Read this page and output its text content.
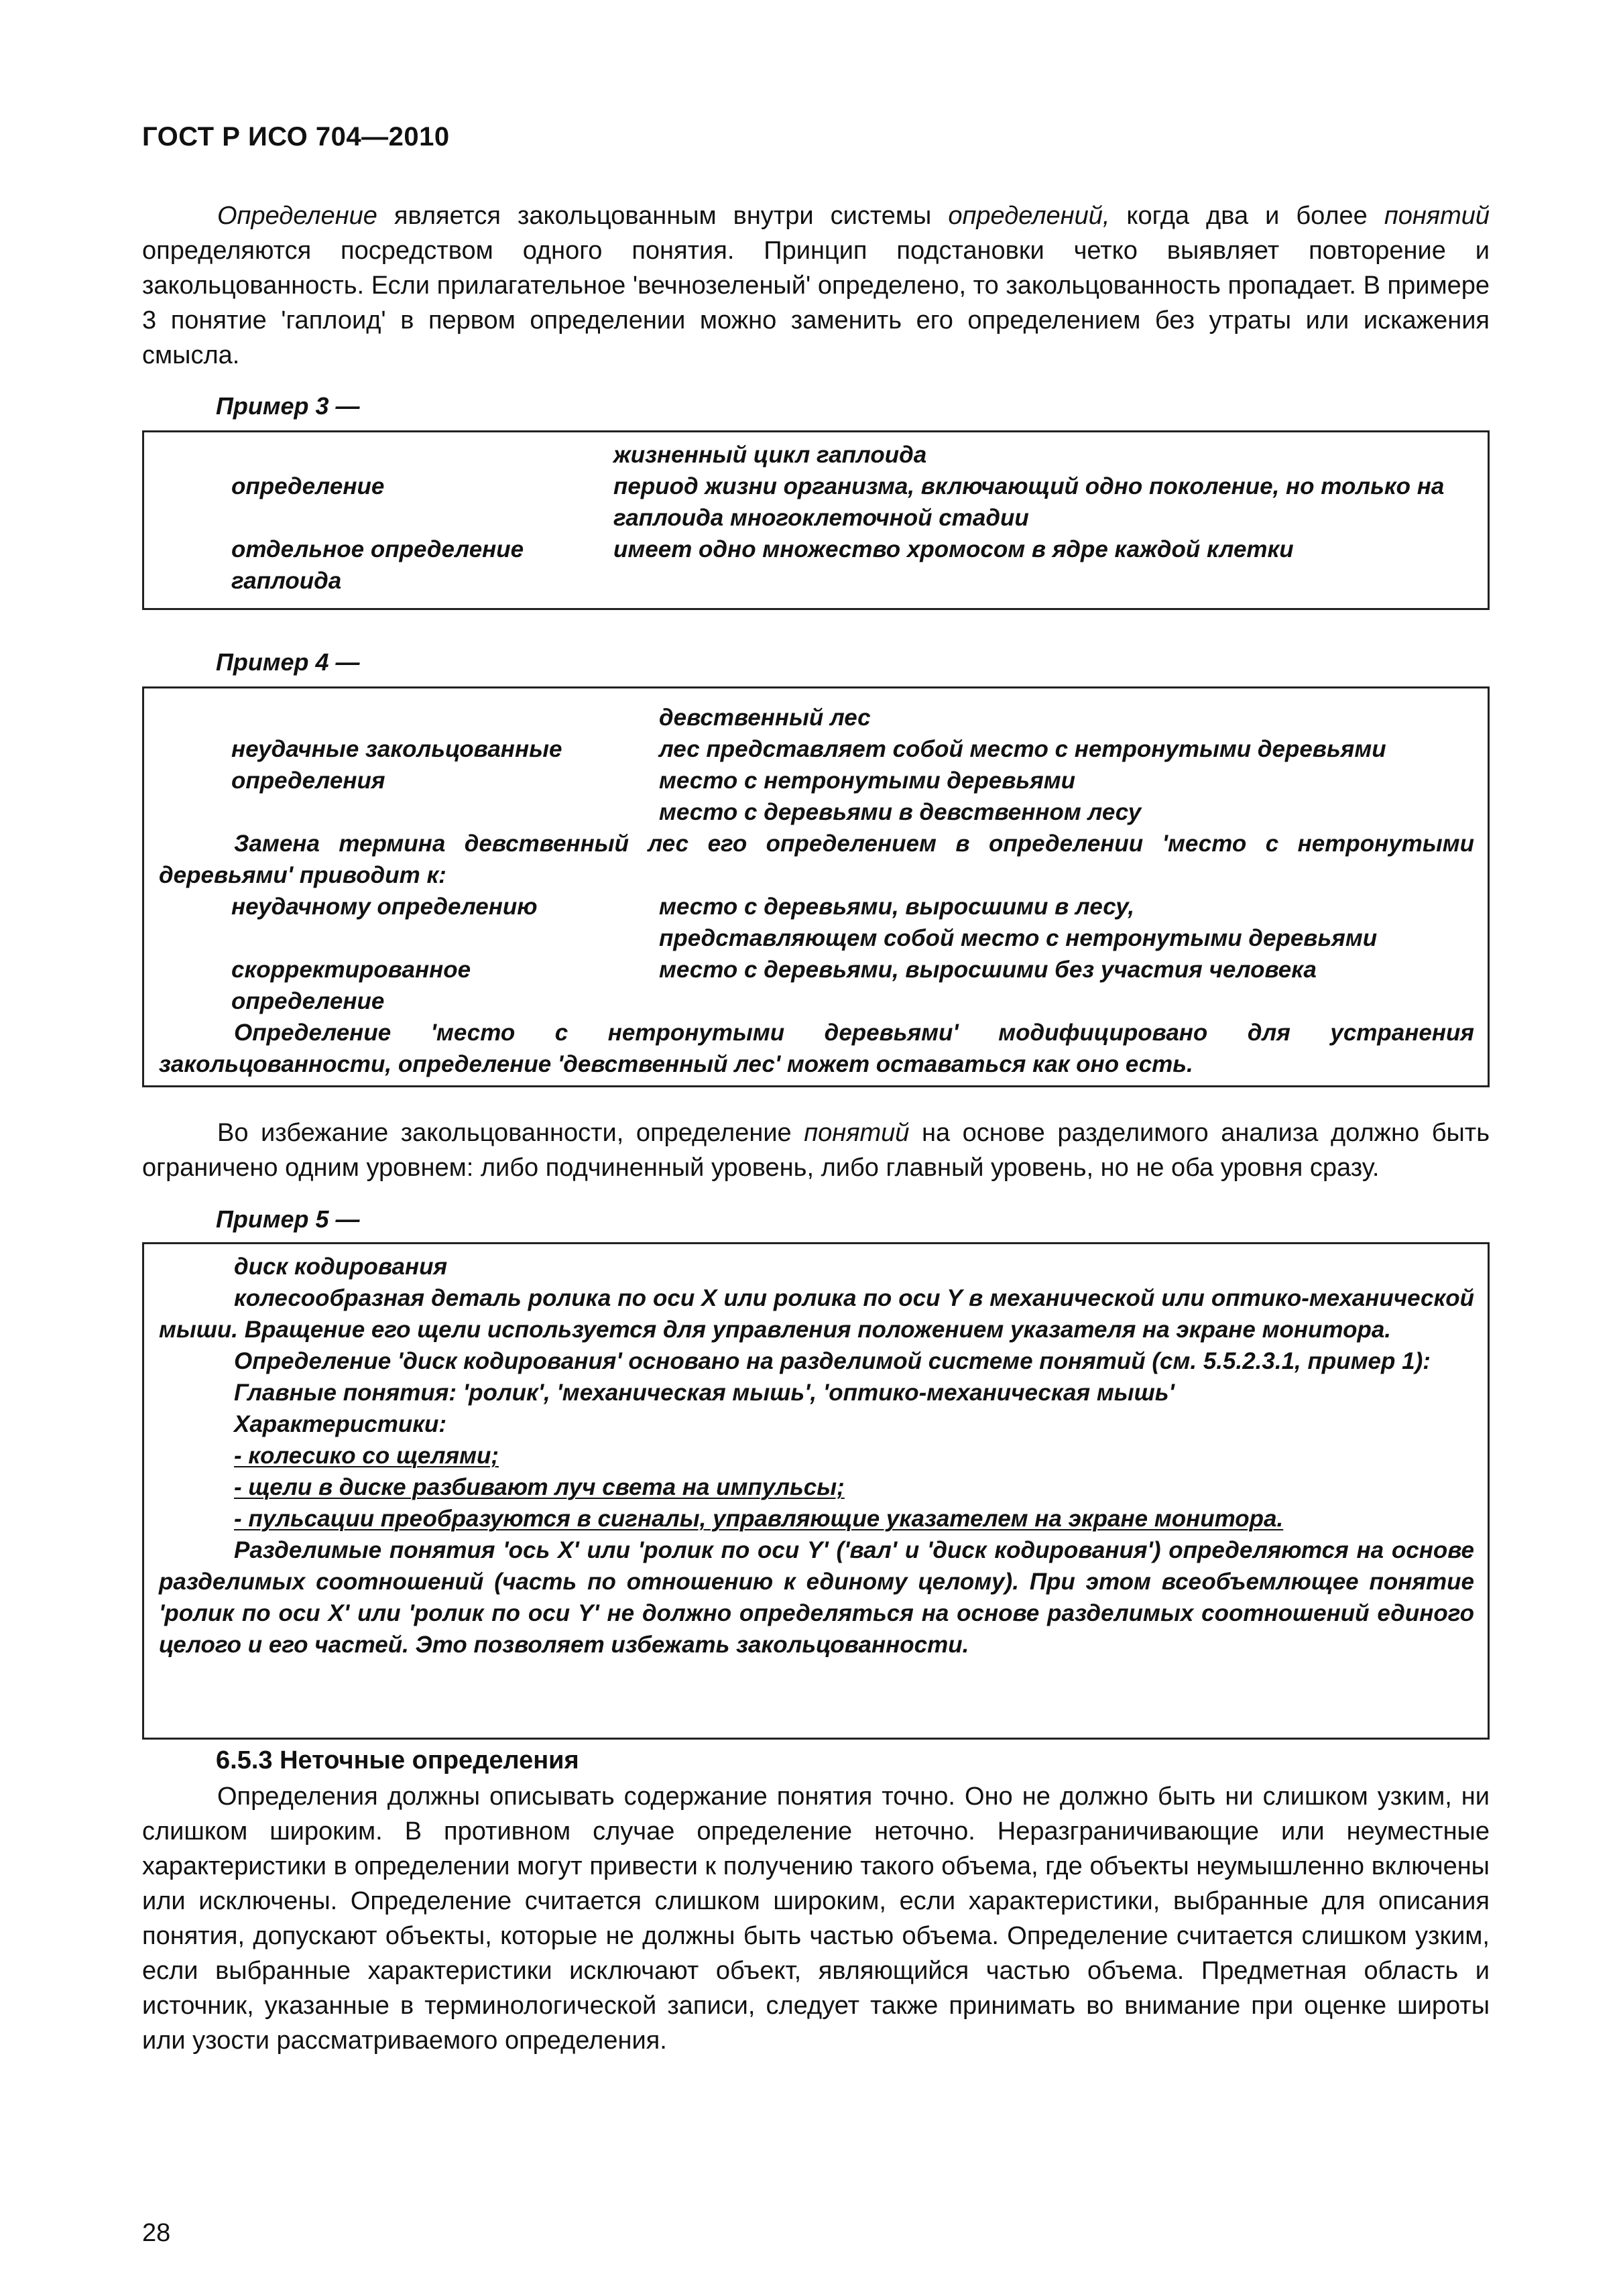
ГОСТ Р ИСО 704—2010

Определение является закольцованным внутри системы определений, когда два и более понятий определяются посредством одного понятия. Принцип подстановки четко выявляет повторение и закольцованность. Если прилагательное 'вечнозеленый' определено, то закольцованность пропадает. В примере 3 понятие 'гаплоид' в первом определении можно заменить его определением без утраты или искажения смысла.

Пример 3 —
жизненный цикл гаплоида
определение	период жизни организма, включающий одно поколение, но только на гаплоида многоклеточной стадии
отдельное определение гаплоида
имеет одно множество хромосом в ядре каждой клетки
Пример 4 —
девственный лес
неудачные закольцованные определения
лес представляет собой место с нетронутыми деревьями
место с нетронутыми деревьями
место с деревьями в девственном лесу
Замена термина девственный лес его определением в определении 'место с нетронутыми деревьями' приводит к:
неудачному определению	место с деревьями, выросшими в лесу,
представляющем собой место с нетронутыми деревьями
скорректированное определение
место с деревьями, выросшими без участия человека
Определение 'место с нетронутыми деревьями' модифицировано для устранения закольцованности, определение 'девственный лес' может оставаться как оно есть.

Во избежание закольцованности, определение понятий на основе разделимого анализа должно быть ограничено одним уровнем: либо подчиненный уровень, либо главный уровень, но не оба уровня сразу.

Пример 5 —
диск кодирования
колесообразная деталь ролика по оси X или ролика по оси Y в механической или оптико-механической мыши. Вращение его щели используется для управления положением указателя на экране монитора.
Определение 'диск кодирования' основано на разделимой системе понятий (см. 5.5.2.3.1, пример 1):
Главные понятия: 'ролик', 'механическая мышь', 'оптико-механическая мышь'
Характеристики:
- колесико со щелями;
- щели в диске разбивают луч света на импульсы;
- пульсации преобразуются в сигналы, управляющие указателем на экране монитора.
Разделимые понятия 'ось X' или 'ролик по оси Y' ('вал' и 'диск кодирования') определяются на основе разделимых соотношений (часть по отношению к единому целому). При этом всеобъемлющее понятие 'ролик по оси X' или 'ролик по оси Y' не должно определяться на основе разделимых соотношений единого целого и его частей. Это позволяет избежать закольцованности.
6.5.3 Неточные определения

Определения должны описывать содержание понятия точно. Оно не должно быть ни слишком узким, ни слишком широким. В противном случае определение неточно. Неразграничивающие или неуместные характеристики в определении могут привести к получению такого объема, где объекты неумышленно включены или исключены. Определение считается слишком широким, если характеристики, выбранные для описания понятия, допускают объекты, которые не должны быть частью объема. Определение считается слишком узким, если выбранные характеристики исключают объект, являющийся частью объема. Предметная область и источник, указанные в терминологической записи, следует также принимать во внимание при оценке широты или узости рассматриваемого определения.

28
